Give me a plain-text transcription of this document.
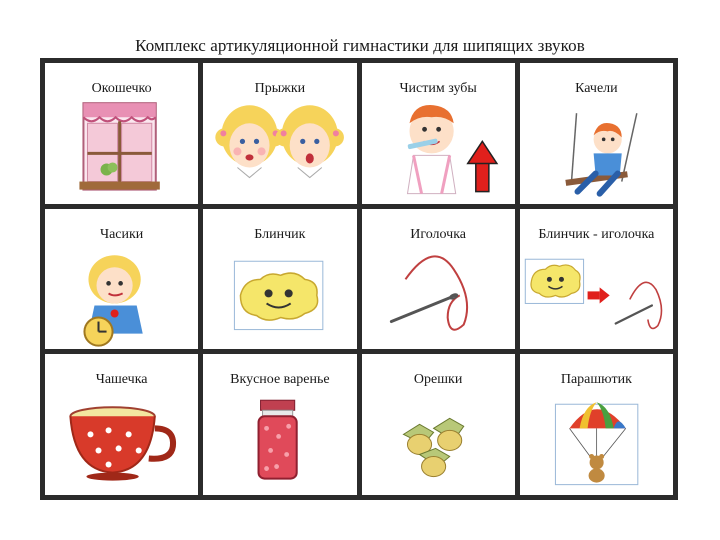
Комплекс артикуляционной гимнастики для шипящих звуков
Окошечко	Прыжки	Чистим зубы	Качели
Часики	Блинчик	Иголочка	Блинчик - иголочка
Чашечка	Вкусное варенье	Орешки	Парашютик
